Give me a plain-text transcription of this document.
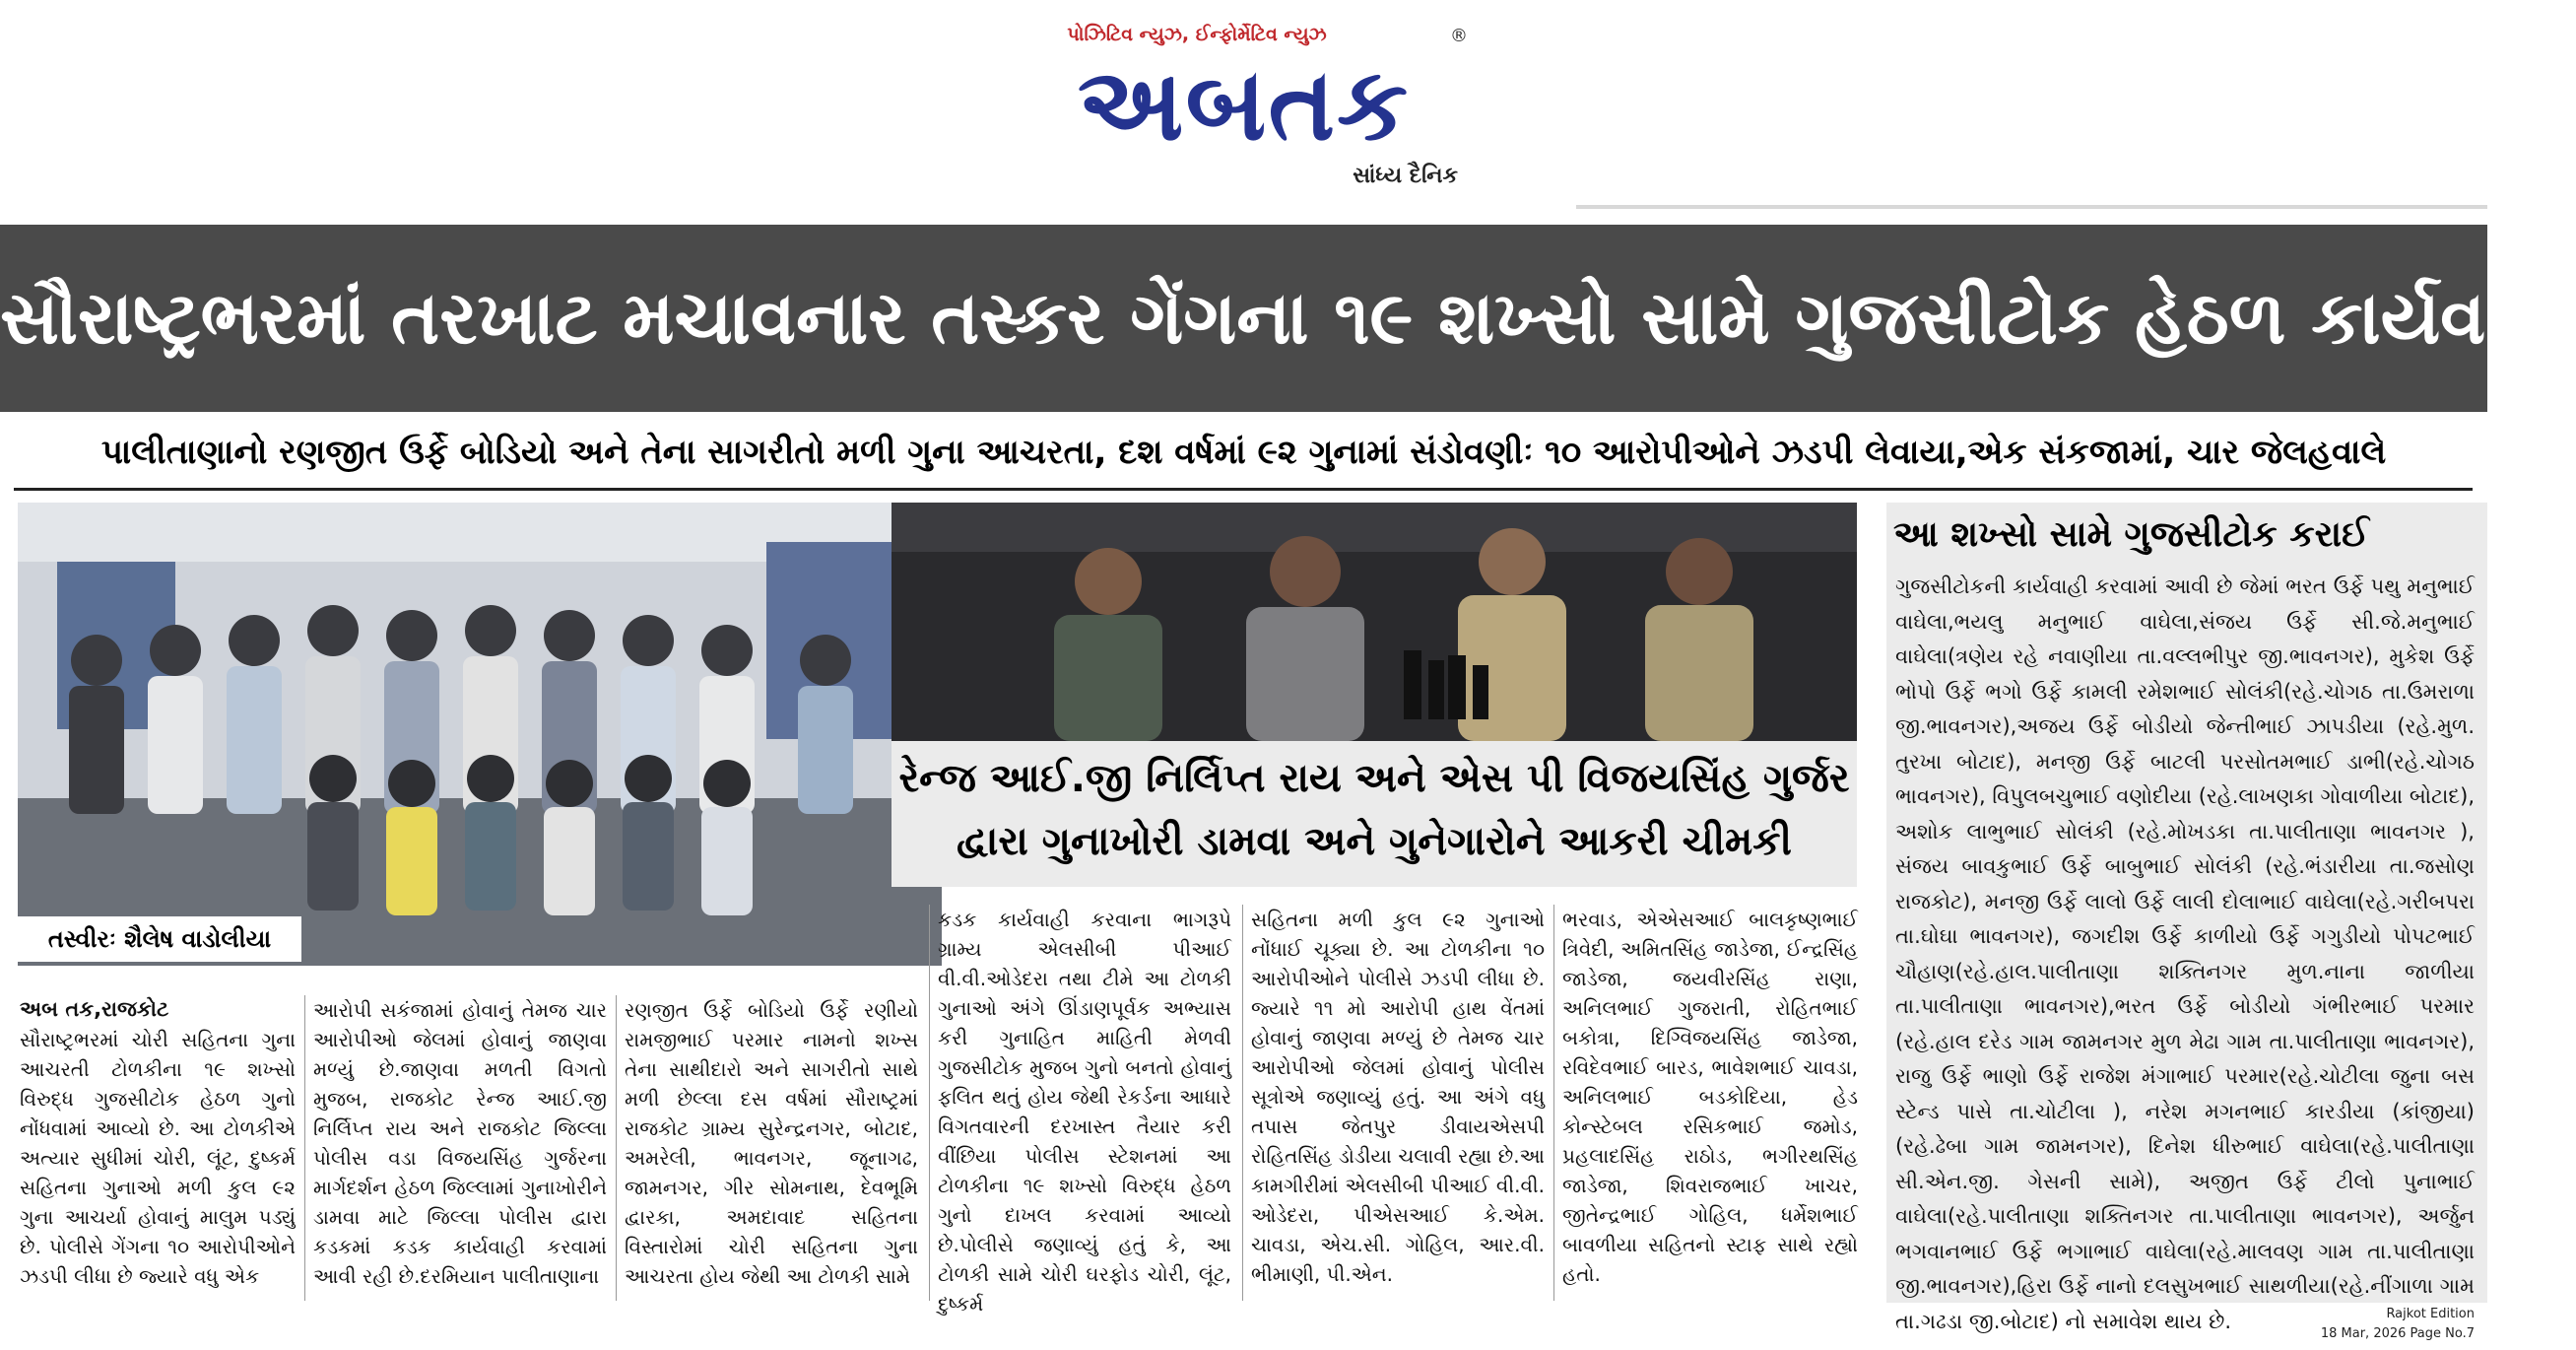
પોઝિટિવ ન્યુઝ, ઈન્ફોર્મેટિવ ન્યુઝ
અબતક
®
સાંધ્ય દૈનિક
સૌરાષ્ટ્રભરમાં તરખાટ મચાવનાર તસ્કર ગેંગના ૧૯ શખ્સો સામે ગુજસીટોક હેઠળ કાર્યવાહી
પાલીતાણાનો રણજીત ઉર્ફે બોડિયો અને તેના સાગરીતો મળી ગુના આચરતા, દશ વર્ષમાં ૯૨ ગુનામાં સંડોવણીઃ ૧૦ આરોપીઓને ઝડપી લેવાયા,એક સંકજામાં, ચાર જેલહવાલે
તસ્વીરઃ શૈલેષ વાડોલીયા
રેન્જ આઈ.જી નિર્લિપ્ત રાય અને એસ પી વિજયસિંહ ગુર્જર
દ્વારા ગુનાખોરી ડામવા અને ગુનેગારોને આકરી ચીમકી
આ શખ્સો સામે ગુજસીટોક કરાઈ
ગુજસીટોકની કાર્યવાહી કરવામાં આવી છે જેમાં ભરત ઉર્ફે પથુ મનુભાઈ વાઘેલા,ભયલુ મનુભાઈ વાઘેલા,સંજય ઉર્ફે સી.જે.મનુભાઈ વાઘેલા(ત્રણેય રહે નવાણીયા તા.વલ્લભીપુર જી.ભાવનગર), મુકેશ ઉર્ફે ભોપો ઉર્ફે ભગો ઉર્ફે કામલી રમેશભાઈ સોલંકી(રહે.ચોગઠ તા.ઉમરાળા જી.ભાવનગર),અજય ઉર્ફે બોડીયો જેન્તીભાઈ ઝાપડીયા (રહે.મુળ. તુરખા બોટાદ), મનજી ઉર્ફે બાટલી પરસોતમભાઈ ડાભી(રહે.ચોગઠ ભાવનગર), વિપુલબચુભાઈ વણોદીયા (રહે.લાખણકા ગોવાળીયા બોટાદ), અશોક લાભુભાઈ સોલંકી (રહે.મોખડકા તા.પાલીતાણા ભાવનગર ), સંજય બાવકુભાઈ ઉર્ફે બાબુભાઈ સોલંકી (રહે.ભંડારીયા તા.જસોણ રાજકોટ), મનજી ઉર્ફે લાલો ઉર્ફે લાલી દોલાભાઈ વાઘેલા(રહે.ગરીબપરા તા.ઘોઘા ભાવનગર), જગદીશ ઉર્ફે કાળીયો ઉર્ફે ગગુડીયો પોપટભાઈ ચૌહાણ(રહે.હાલ.પાલીતાણા શક્તિનગર મુળ.નાના જાળીયા તા.પાલીતાણા ભાવનગર),ભરત ઉર્ફે બોડીયો ગંભીરભાઈ પરમાર (રહે.હાલ દરેડ ગામ જામનગર મુળ મેઢા ગામ તા.પાલીતાણા ભાવનગર), રાજુ ઉર્ફે ભાણો ઉર્ફે રાજેશ મંગાભાઈ પરમાર(રહે.ચોટીલા જુના બસ સ્ટેન્ડ પાસે તા.ચોટીલા ), નરેશ મગનભાઈ કારડીયા (કાંજીયા) (રહે.ઢેબા ગામ જામનગર), દિનેશ ધીરુભાઈ વાઘેલા(રહે.પાલીતાણા સી.એન.જી. ગેસની સામે), અજીત ઉર્ફે ટીલો પુનાભાઈ વાઘેલા(રહે.પાલીતાણા શક્તિનગર તા.પાલીતાણા ભાવનગર), અર્જુન ભગવાનભાઈ ઉર્ફે ભગાભાઈ વાઘેલા(રહે.માલવણ ગામ તા.પાલીતાણા જી.ભાવનગર),હિરા ઉર્ફે નાનો દલસુખભાઈ સાથળીયા(રહે.નીંગાળા ગામ તા.ગઢડા જી.બોટાદ) નો સમાવેશ થાય છે.
અબ તક,રાજકોટ
સૌરાષ્ટ્રભરમાં ચોરી સહિતના ગુના આચરતી ટોળકીના ૧૯ શખ્સો વિરુદ્ધ ગુજસીટોક હેઠળ ગુનો નોંધવામાં આવ્યો છે. આ ટોળકીએ અત્યાર સુધીમાં ચોરી, લૂંટ, દુષ્કર્મ સહિતના ગુનાઓ મળી કુલ ૯૨ ગુના આચર્યા હોવાનું માલુમ પડ્યું છે. પોલીસે ગેંગના ૧૦ આરોપીઓને ઝડપી લીધા છે જ્યારે વધુ એક
આરોપી સકંજામાં હોવાનું તેમજ ચાર આરોપીઓ જેલમાં હોવાનું જાણવા મળ્યું છે.જાણવા મળતી વિગતો મુજબ, રાજકોટ રેન્જ આઈ.જી નિર્લિપ્ત રાય અને રાજકોટ જિલ્લા પોલીસ વડા વિજયસિંહ ગુર્જરના માર્ગદર્શન હેઠળ જિલ્લામાં ગુનાખોરીને ડામવા માટે જિલ્લા પોલીસ દ્વારા કડકમાં કડક કાર્યવાહી કરવામાં આવી રહી છે.દરમિયાન પાલીતાણાના
રણજીત ઉર્ફે બોડિયો ઉર્ફે રણીયો રામજીભાઈ પરમાર નામનો શખ્સ તેના સાથીદારો અને સાગરીતો સાથે મળી છેલ્લા દસ વર્ષમાં સૌરાષ્ટ્રમાં રાજકોટ ગ્રામ્ય સુરેન્દ્રનગર, બોટાદ, અમરેલી, ભાવનગર, જૂનાગઢ, જામનગર, ગીર સોમનાથ, દેવભૂમિ દ્વારકા, અમદાવાદ સહિતના વિસ્તારોમાં ચોરી સહિતના ગુના આચરતા હોય જેથી આ ટોળકી સામે
કડક કાર્યવાહી કરવાના ભાગરૂપે ગ્રામ્ય એલસીબી પીઆઈ વી.વી.ઓડેદરા તથા ટીમે આ ટોળકી ગુનાઓ અંગે ઊંડાણપૂર્વક અભ્યાસ કરી ગુનાહિત માહિતી મેળવી ગુજસીટોક મુજબ ગુનો બનતો હોવાનું ફલિત થતું હોય જેથી રેકર્ડના આધારે વિગતવારની દરખાસ્ત તૈયાર કરી વીંછિયા પોલીસ સ્ટેશનમાં આ ટોળકીના ૧૯ શખ્સો વિરુદ્ધ હેઠળ ગુનો દાખલ કરવામાં આવ્યો છે.પોલીસે જણાવ્યું હતું કે, આ ટોળકી સામે ચોરી ઘરફોડ ચોરી, લૂંટ, દુષ્કર્મ
સહિતના મળી કુલ ૯૨ ગુનાઓ નોંધાઈ ચૂક્યા છે. આ ટોળકીના ૧૦ આરોપીઓને પોલીસે ઝડપી લીધા છે. જ્યારે ૧૧ મો આરોપી હાથ વેંતમાં હોવાનું જાણવા મળ્યું છે તેમજ ચાર આરોપીઓ જેલમાં હોવાનું પોલીસ સૂત્રોએ જણાવ્યું હતું. આ અંગે વધુ તપાસ જેતપુર ડીવાયએસપી રોહિતસિંહ ડોડીયા ચલાવી રહ્યા છે.આ કામગીરીમાં એલસીબી પીઆઈ વી.વી. ઓડેદરા, પીએસઆઈ કે.એમ. ચાવડા, એચ.સી. ગોહિલ, આર.વી. ભીમાણી, પી.એન.
ભરવાડ, એએસઆઈ બાલકૃષ્ણભાઈ ત્રિવેદી, અમિતસિંહ જાડેજા, ઈન્દ્રસિંહ જાડેજા, જયવીરસિંહ રાણા, અનિલભાઈ ગુજરાતી, રોહિતભાઈ બકોત્રા, દિગ્વિજયસિંહ જાડેજા, રવિદેવભાઈ બારડ, ભાવેશભાઈ ચાવડા, અનિલભાઈ બડકોદિયા, હેડ કોન્સ્ટેબલ રસિકભાઈ જમોડ, પ્રહલાદસિંહ રાઠોડ, ભગીરથસિંહ જાડેજા, શિવરાજભાઈ ખાચર, જીતેન્દ્રભાઈ ગોહિલ, ધર્મેશભાઈ બાવળીયા સહિતનો સ્ટાફ સાથે રહ્યો હતો.
Rajkot Edition
18 Mar, 2026 Page No.7
